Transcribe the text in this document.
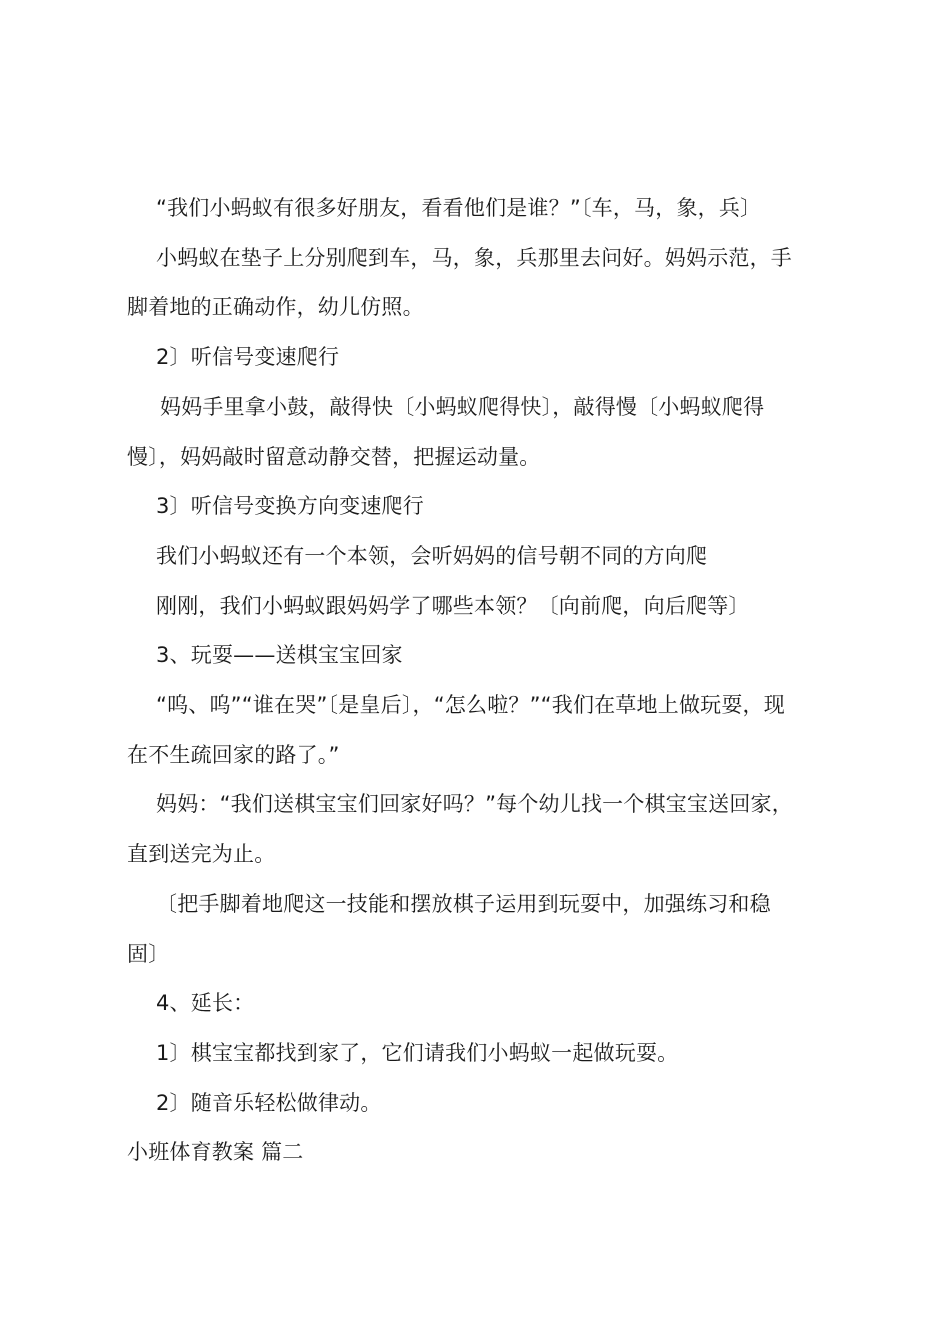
“我们小蚂蚁有很多好朋友，看看他们是谁？”〔车，马，象，兵〕

小蚂蚁在垫子上分别爬到车，马，象，兵那里去问好。妈妈示范，手

脚着地的正确动作，幼儿仿照。

2〕听信号变速爬行

妈妈手里拿小鼓，敲得快〔小蚂蚁爬得快〕，敲得慢〔小蚂蚁爬得

慢〕，妈妈敲时留意动静交替，把握运动量。

3〕听信号变换方向变速爬行

我们小蚂蚁还有一个本领，会听妈妈的信号朝不同的方向爬

刚刚，我们小蚂蚁跟妈妈学了哪些本领？〔向前爬，向后爬等〕

3、玩耍——送棋宝宝回家

“呜、呜”“谁在哭”〔是皇后〕，“怎么啦？”“我们在草地上做玩耍，现

在不生疏回家的路了。”

妈妈：“我们送棋宝宝们回家好吗？”每个幼儿找一个棋宝宝送回家，

直到送完为止。

〔把手脚着地爬这一技能和摆放棋子运用到玩耍中，加强练习和稳

固〕

4、延长：

1〕棋宝宝都找到家了，它们请我们小蚂蚁一起做玩耍。

2〕随音乐轻松做律动。

小班体育教案 篇二
